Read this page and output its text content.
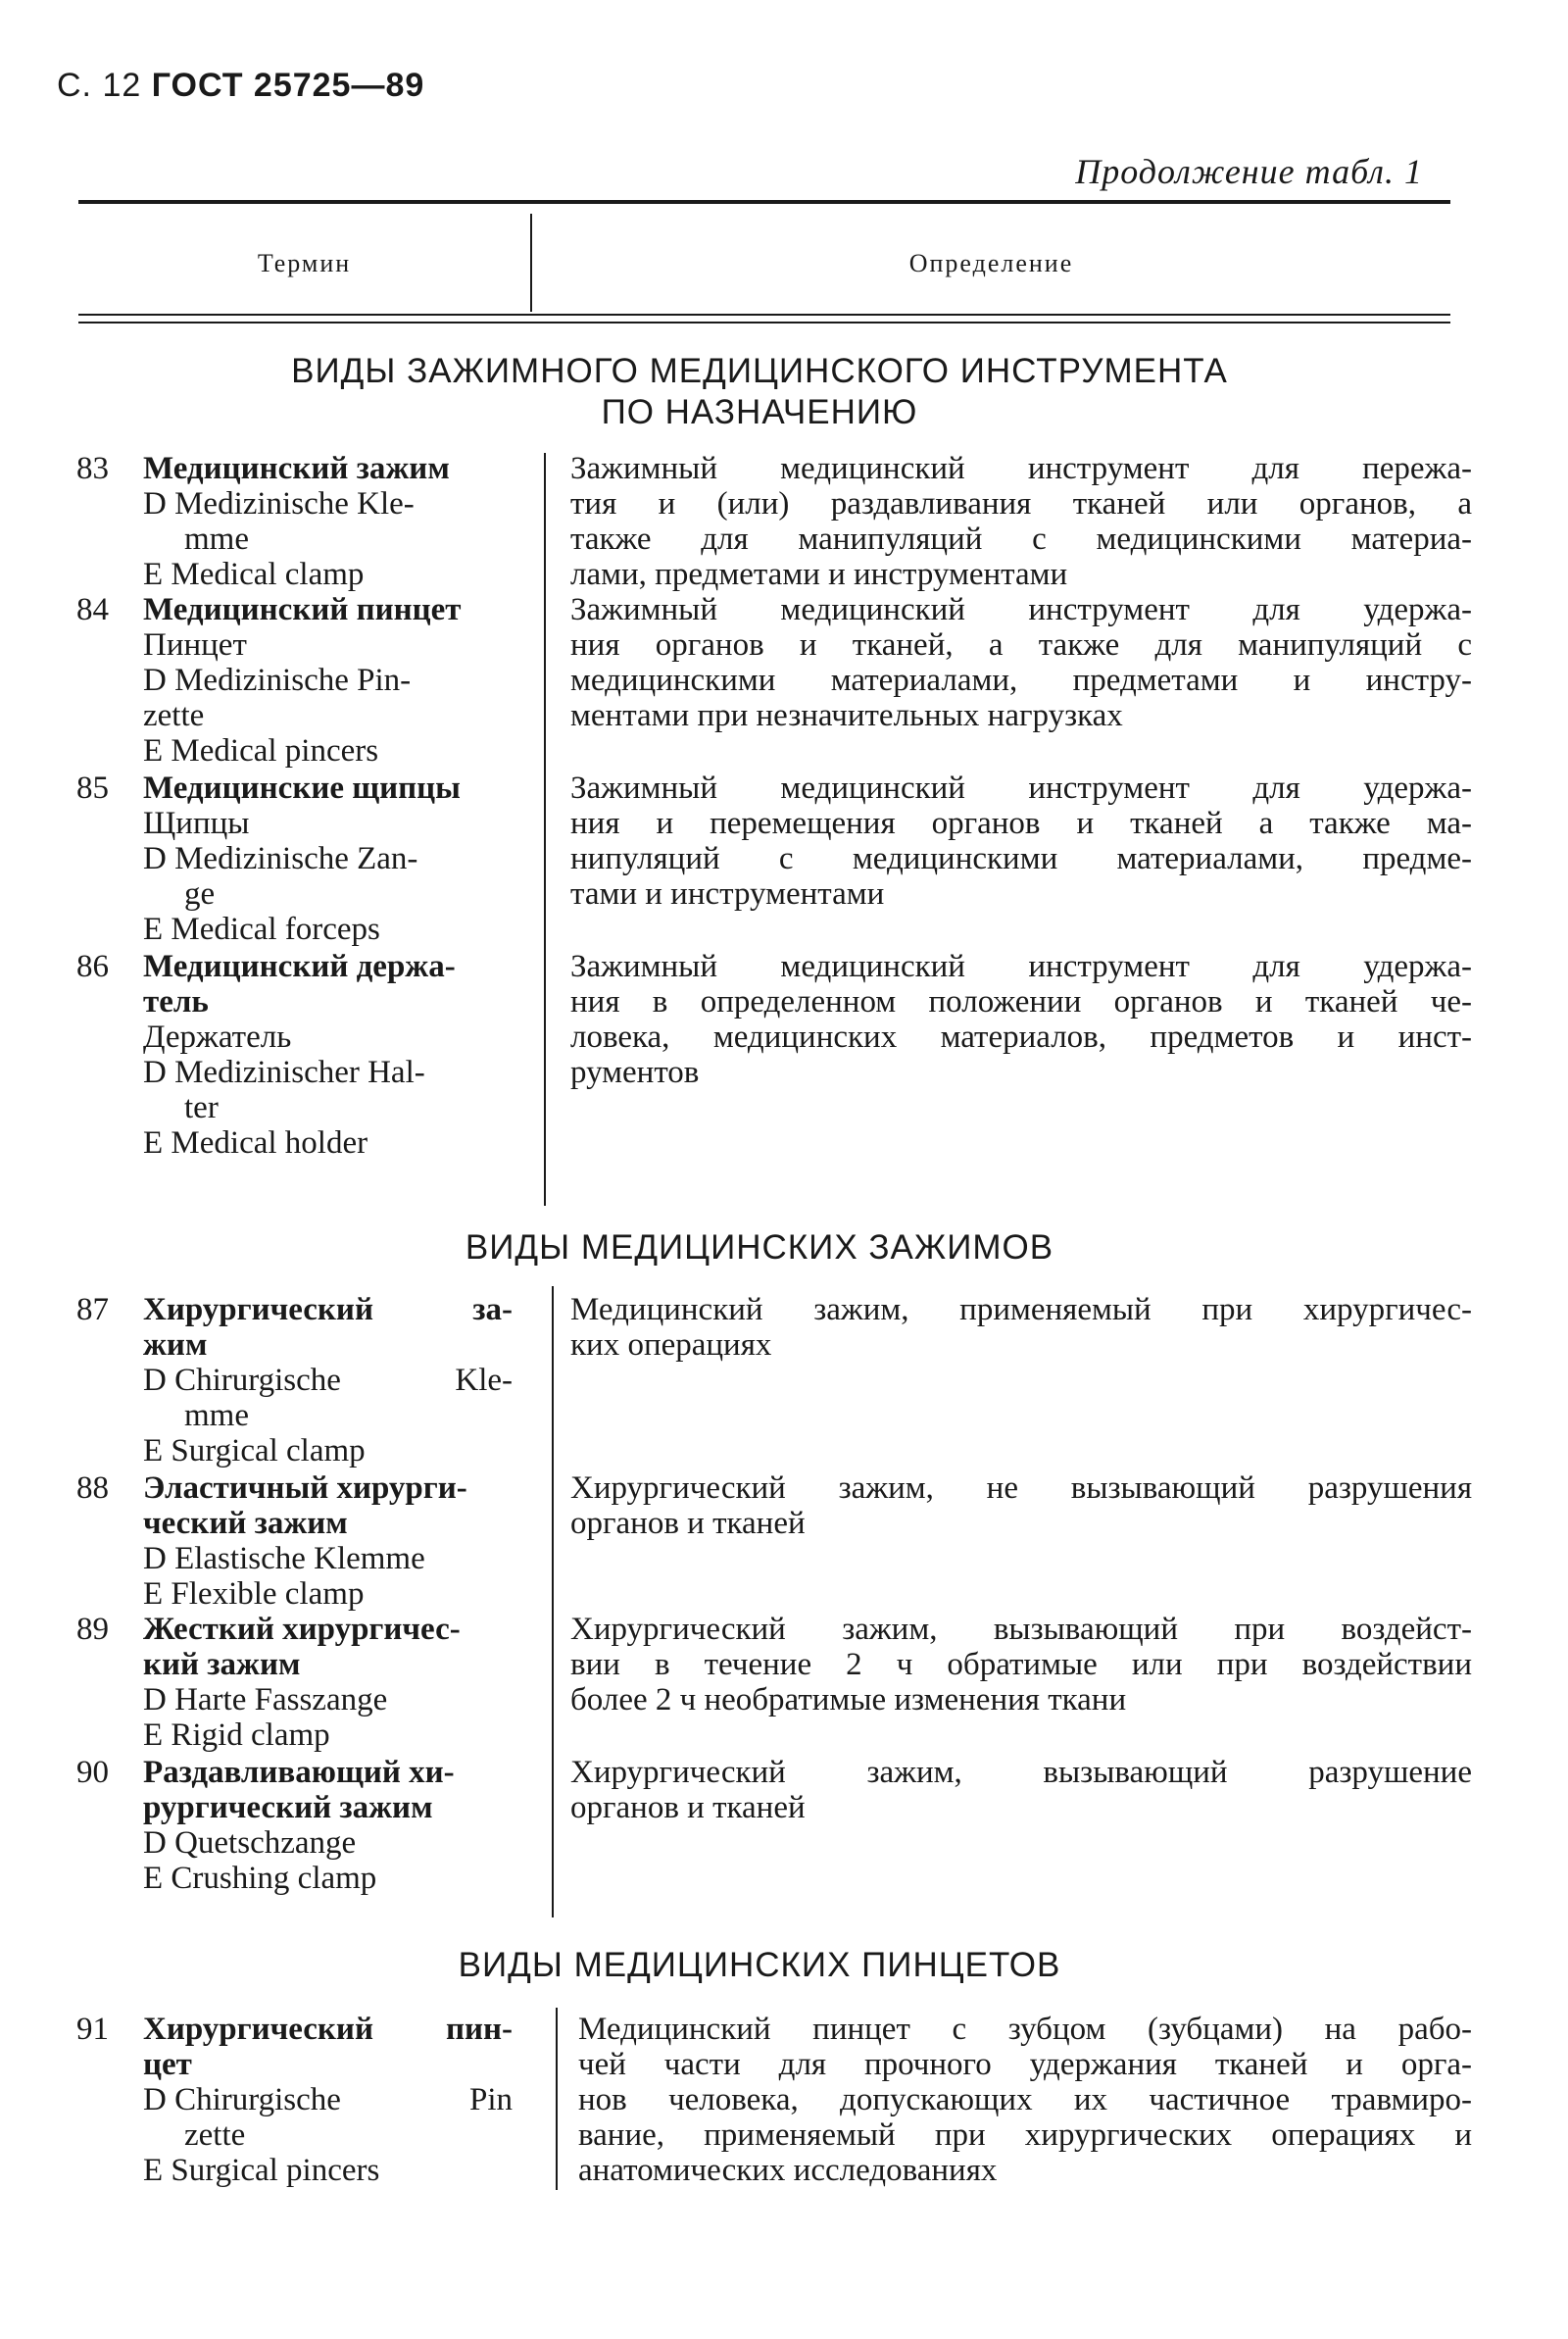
С. 12 ГОСТ 25725—89
Продолжение табл. 1
Термин	Определение
ВИДЫ ЗАЖИМНОГО МЕДИЦИНСКОГО ИНСТРУМЕНТА
ПО НАЗНАЧЕНИЮ
83 Медицинский зажим
D Medizinische Kle-
mme
E Medical clamp
Зажимный медицинский инструмент для пережа-
тия и (или) раздавливания тканей или органов, а
также для манипуляций с медицинскими материа-
лами, предметами и инструментами
84 Медицинский пинцет
Пинцет
D Medizinische Pin-
zette
E Medical pincers
Зажимный медицинский инструмент для удержа-
ния органов и тканей, а также для манипуляций с
медицинскими материалами, предметами и инстру-
ментами при незначительных нагрузках
85 Медицинские щипцы
Щипцы
D Medizinische Zan-
ge
E Medical forceps
Зажимный медицинский инструмент для удержа-
ния и перемещения органов и тканей а также ма-
нипуляций с медицинскими материалами, предме-
тами и инструментами
86 Медицинский держа-
тель
Держатель
D Medizinischer Hal-
ter
E Medical holder
Зажимный медицинский инструмент для удержа-
ния в определенном положении органов и тканей че-
ловека, медицинских материалов, предметов и инст-
рументов
ВИДЫ МЕДИЦИНСКИХ ЗАЖИМОВ
87 Хирургический	за-
жим
D Chirurgische	Kle-
mme
E Surgical clamp
Медицинский зажим, применяемый при хирургичес-
ких операциях
88 Эластичный хирурги-
ческий зажим
D Elastische Klemme
E Flexible clamp
Хирургический зажим, не вызывающий разрушения
органов и тканей
89 Жесткий хирургичес-
кий зажим
D Harte Fasszange
E Rigid clamp
Хирургический зажим, вызывающий при воздейст-
вии в течение 2 ч обратимые или при воздействии
более 2 ч необратимые изменения ткани
90 Раздавливающий хи-
рургический зажим
D Quetschzange
E Crushing clamp
Хирургический зажим, вызывающий разрушение
органов и тканей
ВИДЫ МЕДИЦИНСКИХ ПИНЦЕТОВ
91 Хирургический пин-
цет
D Chirurgische	Pin
zette
E Surgical pincers
Медицинский пинцет с зубцом (зубцами) на рабо-
чей части для прочного удержания тканей и орга-
нов человека, допускающих их частичное травмиро-
вание, применяемый при хирургических операциях и
анатомических исследованиях
